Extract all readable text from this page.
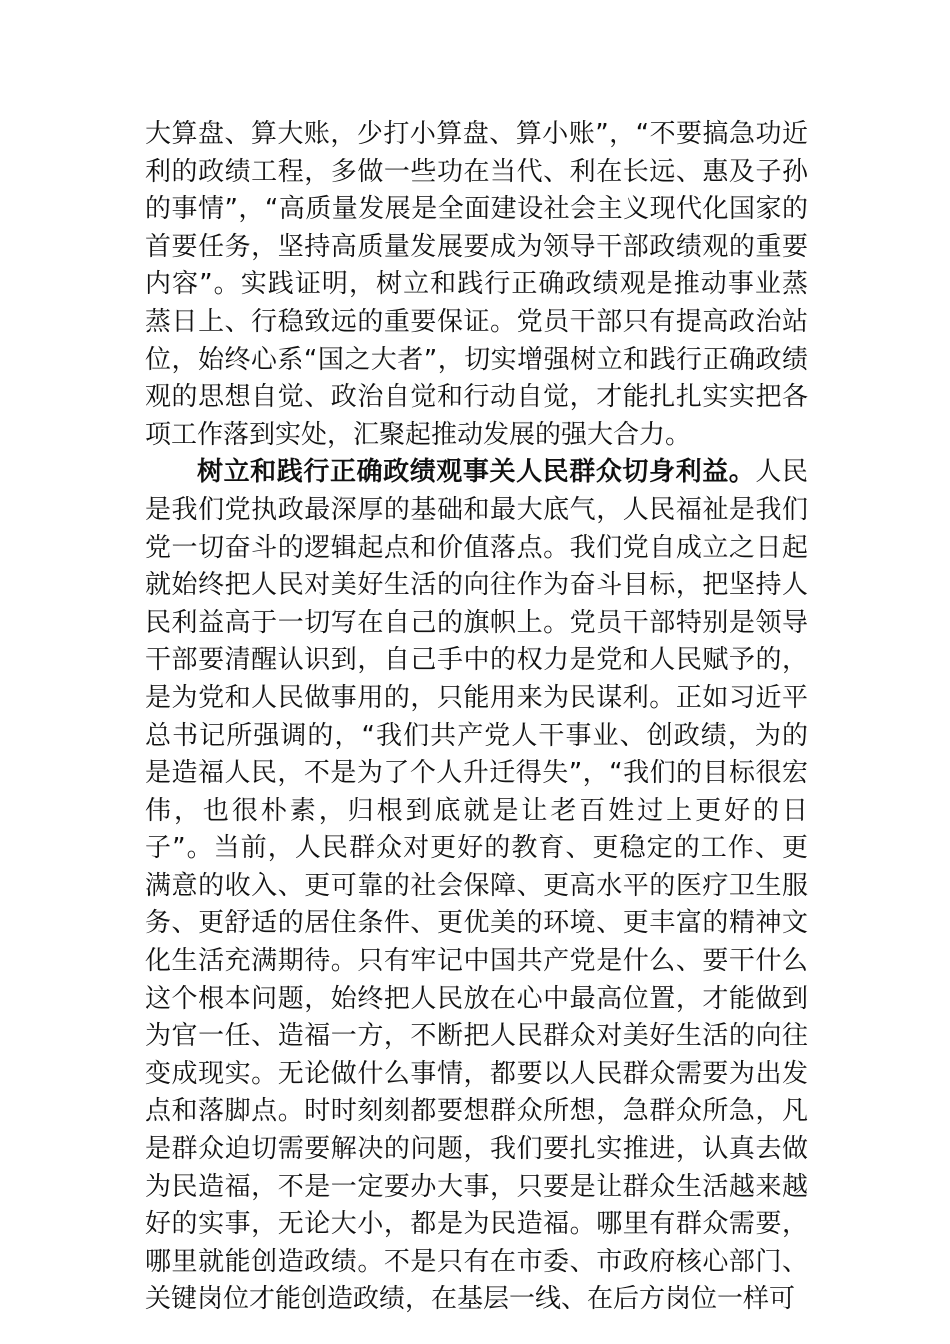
大算盘、算大账，少打小算盘、算小账”，“不要搞急功近利的政绩工程，多做一些功在当代、利在长远、惠及子孙的事情”，“高质量发展是全面建设社会主义现代化国家的首要任务，坚持高质量发展要成为领导干部政绩观的重要内容”。实践证明，树立和践行正确政绩观是推动事业蒸蒸日上、行稳致远的重要保证。党员干部只有提高政治站位，始终心系“国之大者”，切实增强树立和践行正确政绩观的思想自觉、政治自觉和行动自觉，才能扎扎实实把各项工作落到实处，汇聚起推动发展的强大合力。

树立和践行正确政绩观事关人民群众切身利益。人民是我们党执政最深厚的基础和最大底气，人民福祉是我们党一切奋斗的逻辑起点和价值落点。我们党自成立之日起就始终把人民对美好生活的向往作为奋斗目标，把坚持人民利益高于一切写在自己的旗帜上。党员干部特别是领导干部要清醒认识到，自己手中的权力是党和人民赋予的，是为党和人民做事用的，只能用来为民谋利。正如习近平总书记所强调的，“我们共产党人干事业、创政绩，为的是造福人民，不是为了个人升迁得失”，“我们的目标很宏伟，也很朴素，归根到底就是让老百姓过上更好的日子”。当前，人民群众对更好的教育、更稳定的工作、更满意的收入、更可靠的社会保障、更高水平的医疗卫生服务、更舒适的居住条件、更优美的环境、更丰富的精神文化生活充满期待。只有牢记中国共产党是什么、要干什么这个根本问题，始终把人民放在心中最高位置，才能做到为官一任、造福一方，不断把人民群众对美好生活的向往变成现实。无论做什么事情，都要以人民群众需要为出发点和落脚点。时时刻刻都要想群众所想，急群众所急，凡是群众迫切需要解决的问题，我们要扎实推进，认真去做为民造福，不是一定要办大事，只要是让群众生活越来越好的实事，无论大小，都是为民造福。哪里有群众需要，哪里就能创造政绩。不是只有在市委、市政府核心部门、关键岗位才能创造政绩，在基层一线、在后方岗位一样可
